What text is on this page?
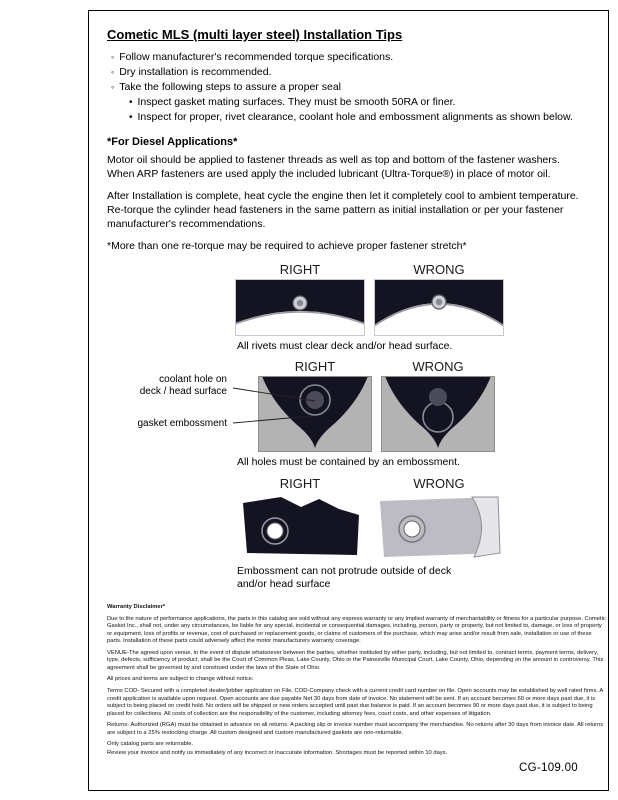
Cometic MLS (multi layer steel) Installation Tips
◦ Follow manufacturer's recommended torque specifications.
◦ Dry installation is recommended.
◦ Take the following steps to assure a proper seal
• Inspect gasket mating surfaces. They must be smooth 50RA or finer.
• Inspect for proper, rivet clearance, coolant hole and embossment alignments as shown below.
*For Diesel Applications*

Motor oil should be applied to fastener threads as well as top and bottom of the fastener washers. When ARP fasteners are used apply the included lubricant (Ultra-Torque®) in place of motor oil.

After Installation is complete, heat cycle the engine then let it completely cool to ambient temperature. Re-torque the cylinder head fasteners in the same pattern as initial installation or per your fastener manufacturer's recommendations.

*More than one re-torque may be required to achieve proper fastener stretch*

RIGHT	WRONG
All rivets must clear deck and/or head surface.
coolant hole on
deck / head surface
gasket embossment
RIGHT	WRONG
All holes must be contained by an embossment.
RIGHT	WRONG
Embossment can not protrude outside of deck and/or head surface
Warranty Disclaimer*

Due to the nature of performance applications, the parts in this catalog are sold without any express warranty or any implied warranty of merchantability or fitness for a particular purpose. Cometic Gasket Inc., shall not, under any circumstances, be liable for any special, incidental or consequential damages, including, person, party or property, but not limited to, damage, or loss of property or equipment, loss of profits or revenue, cost of purchased or replacement goods, or claims of customers of the purchase, which may arise and/or result from sale, installation or use of these parts. Installation of these parts could adversely affect the motor manufacturers warranty coverage.

VENUE-The agreed upon venue, in the event of dispute whatsoever between the parties, whether instituted by either party, including, but not limited to, contract terms, payment terms, delivery, type, defects, sufficiency of product, shall be the Court of Common Pleas, Lake County, Ohio or the Painesville Municipal Court, Lake County, Ohio, depending on the amount in controversy. This agreement shall be governed by and construed under the laws of the State of Ohio.

All prices and terms are subject to change without notice.

Terms COD- Secured with a completed dealer/jobber application on File, COD-Company check with a current credit card number on file. Open accounts may be established by well rated firms. A credit application is available upon request. Open accounts are due payable Net 30 days from date of invoice. No statement will be sent. If an account becomes 60 or more days past due, it is subject to being placed on credit hold. No orders will be shipped or new orders accepted until past due balance is paid. If an account becomes 90 or more days past due, it is subject to being placed for collections. All costs of collection are the responsibility of the customer, including attorney fees, court costs, and other expenses of litigation.

Returns- Authorized (RGA) must be obtained in advance on all returns. A packing slip or invoice number must accompany the merchandise. No returns after 30 days from invoice date. All returns are subject to a 25% restocking charge. All custom designed and custom manufactured gaskets are non-returnable.

Only catalog parts are returnable.

Review your invoice and notify us immediately of any incorrect or inaccurate information. Shortages must be reported within 10 days.

CG-109.00
